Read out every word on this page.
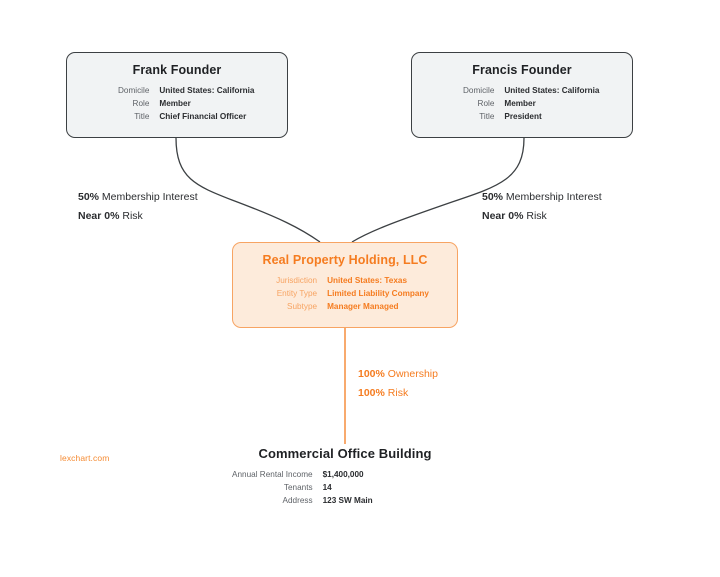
Frank Founder
Domicile	United States: California
Role	Member
Title	Chief Financial Officer
Francis Founder
Domicile	United States: California
Role	Member
Title	President
50% Membership Interest
Near 0% Risk
50% Membership Interest
Near 0% Risk
Real Property Holding, LLC
Jurisdiction	United States: Texas
Entity Type	Limited Liability Company
Subtype	Manager Managed
100% Ownership
100% Risk
Commercial Office Building
Annual Rental Income	$1,400,000
Tenants	14
Address	123 SW Main
lexchart.com
